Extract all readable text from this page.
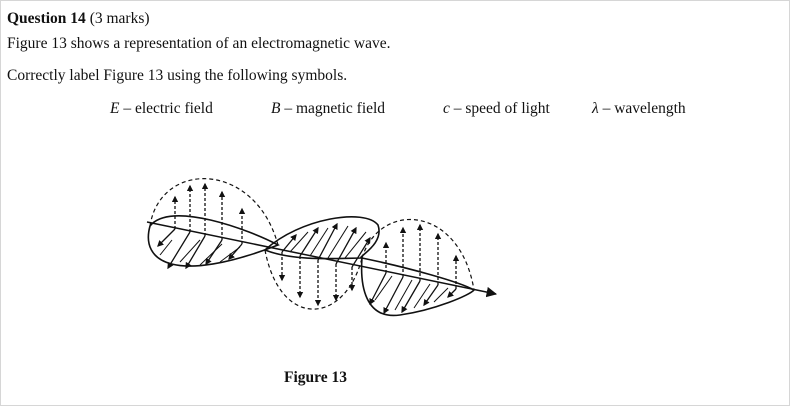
Question 14 (3 marks)
Figure 13 shows a representation of an electromagnetic wave.
Correctly label Figure 13 using the following symbols.
E – electric field	B – magnetic field	c – speed of light	λ – wavelength
Figure 13
